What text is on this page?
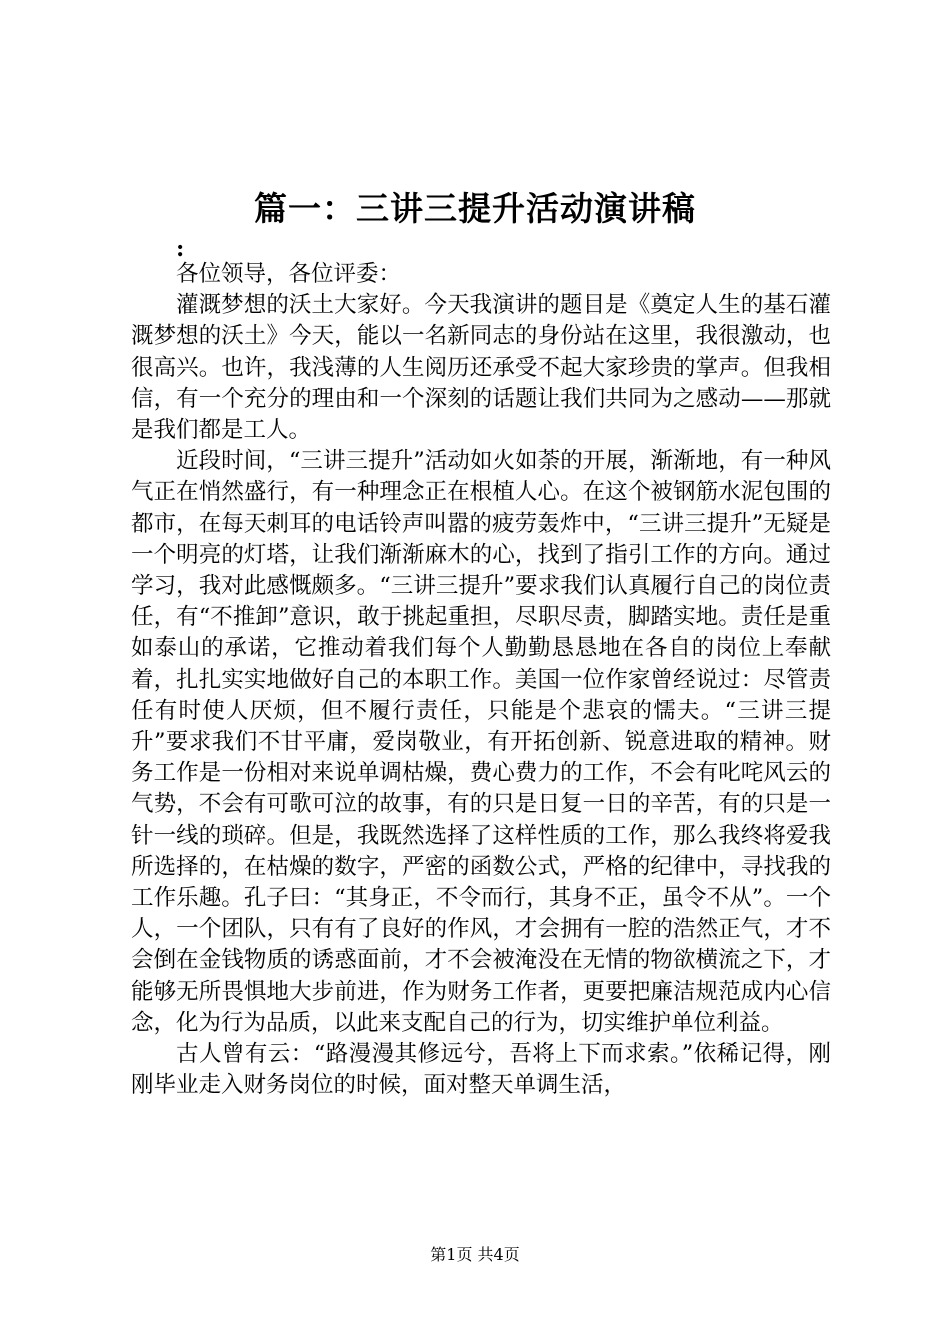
篇一：三讲三提升活动演讲稿

:

各位领导，各位评委：

灌溉梦想的沃土大家好。今天我演讲的题目是《奠定人生的基石灌溉梦想的沃土》今天，能以一名新同志的身份站在这里，我很激动，也很高兴。也许，我浅薄的人生阅历还承受不起大家珍贵的掌声。但我相信，有一个充分的理由和一个深刻的话题让我们共同为之感动——那就是我们都是工人。

近段时间，“三讲三提升”活动如火如荼的开展，渐渐地，有一种风气正在悄然盛行，有一种理念正在根植人心。在这个被钢筋水泥包围的都市，在每天刺耳的电话铃声叫嚣的疲劳轰炸中，“三讲三提升”无疑是一个明亮的灯塔，让我们渐渐麻木的心，找到了指引工作的方向。通过学习，我对此感慨颇多。“三讲三提升”要求我们认真履行自己的岗位责任，有“不推卸”意识，敢于挑起重担，尽职尽责，脚踏实地。责任是重如泰山的承诺，它推动着我们每个人勤勤恳恳地在各自的岗位上奉献着，扎扎实实地做好自己的本职工作。美国一位作家曾经说过：尽管责任有时使人厌烦，但不履行责任，只能是个悲哀的懦夫。“三讲三提升”要求我们不甘平庸，爱岗敬业，有开拓创新、锐意进取的精神。财务工作是一份相对来说单调枯燥，费心费力的工作，不会有叱咤风云的气势，不会有可歌可泣的故事，有的只是日复一日的辛苦，有的只是一针一线的琐碎。但是，我既然选择了这样性质的工作，那么我终将爱我所选择的，在枯燥的数字，严密的函数公式，严格的纪律中，寻找我的工作乐趣。孔子曰：“其身正，不令而行，其身不正，虽令不从”。一个人，一个团队，只有有了良好的作风，才会拥有一腔的浩然正气，才不会倒在金钱物质的诱惑面前，才不会被淹没在无情的物欲横流之下，才能够无所畏惧地大步前进，作为财务工作者，更要把廉洁规范成内心信念，化为行为品质，以此来支配自己的行为，切实维护单位利益。

古人曾有云：“路漫漫其修远兮，吾将上下而求索。”依稀记得，刚刚毕业走入财务岗位的时候，面对整天单调生活，

第1页 共4页
